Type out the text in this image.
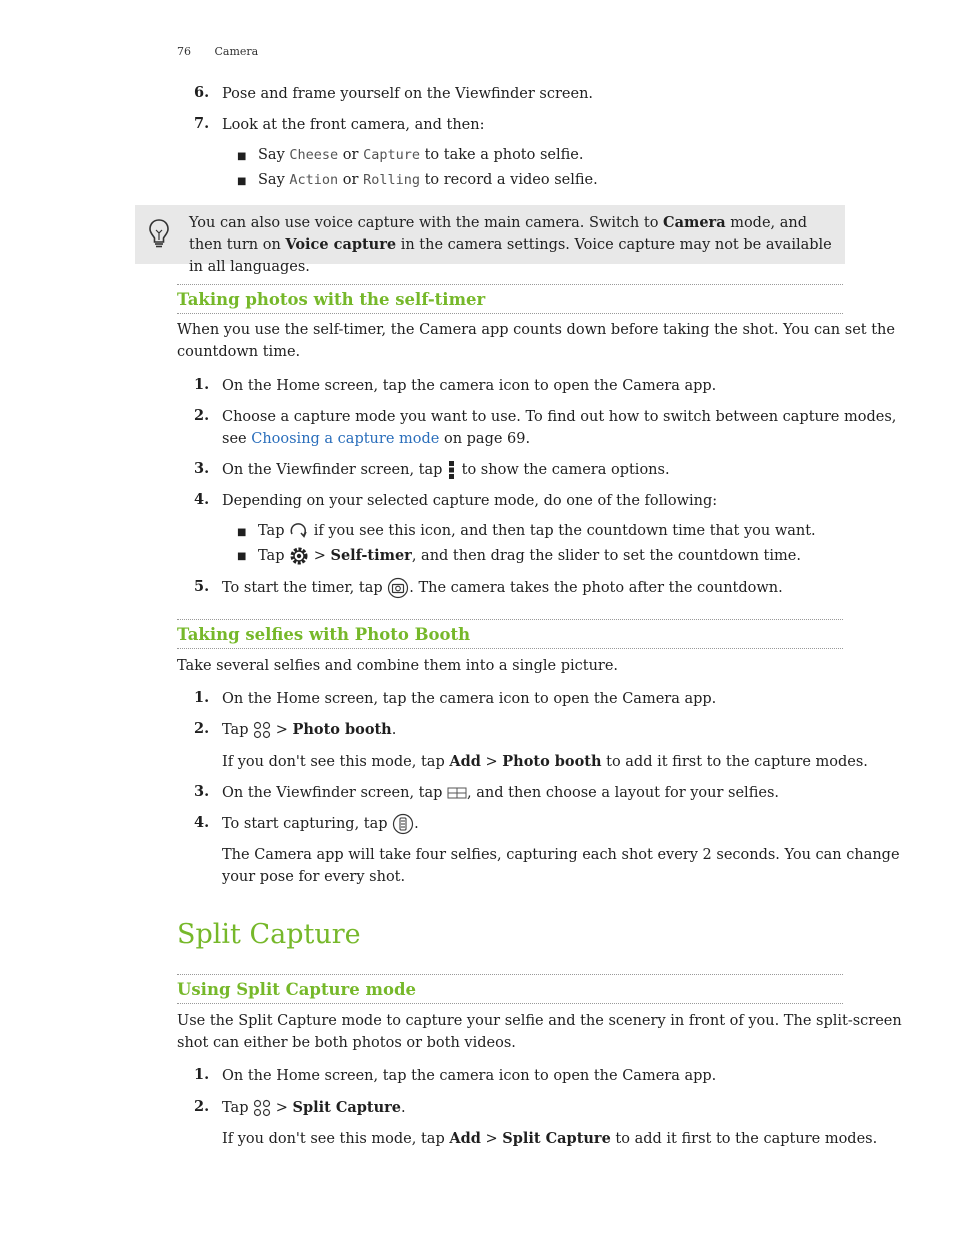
76 Camera
6. Pose and frame yourself on the Viewfinder screen.
7. Look at the front camera, and then:
■ Say Cheese or Capture to take a photo selfie.
■ Say Action or Rolling to record a video selfie.
You can also use voice capture with the main camera. Switch to Camera mode, and then turn on Voice capture in the camera settings. Voice capture may not be available in all languages.
Taking photos with the self-timer
When you use the self-timer, the Camera app counts down before taking the shot. You can set the
countdown time.
1. On the Home screen, tap the camera icon to open the Camera app.
2. Choose a capture mode you want to use. To find out how to switch between capture modes,
see Choosing a capture mode on page 69.
3. On the Viewfinder screen, tap to show the camera options.
4. Depending on your selected capture mode, do one of the following:
■ Tap if you see this icon, and then tap the countdown time that you want.
■ Tap > Self-timer, and then drag the slider to set the countdown time.
5. To start the timer, tap . The camera takes the photo after the countdown.
Taking selfies with Photo Booth
Take several selfies and combine them into a single picture.
1. On the Home screen, tap the camera icon to open the Camera app.
2. Tap > Photo booth.
If you don't see this mode, tap Add > Photo booth to add it first to the capture modes.
3. On the Viewfinder screen, tap , and then choose a layout for your selfies.
4. To start capturing, tap .
The Camera app will take four selfies, capturing each shot every 2 seconds. You can change
your pose for every shot.
Split Capture
Using Split Capture mode
Use the Split Capture mode to capture your selfie and the scenery in front of you. The split-screen
shot can either be both photos or both videos.
1. On the Home screen, tap the camera icon to open the Camera app.
2. Tap > Split Capture.
If you don't see this mode, tap Add > Split Capture to add it first to the capture modes.
